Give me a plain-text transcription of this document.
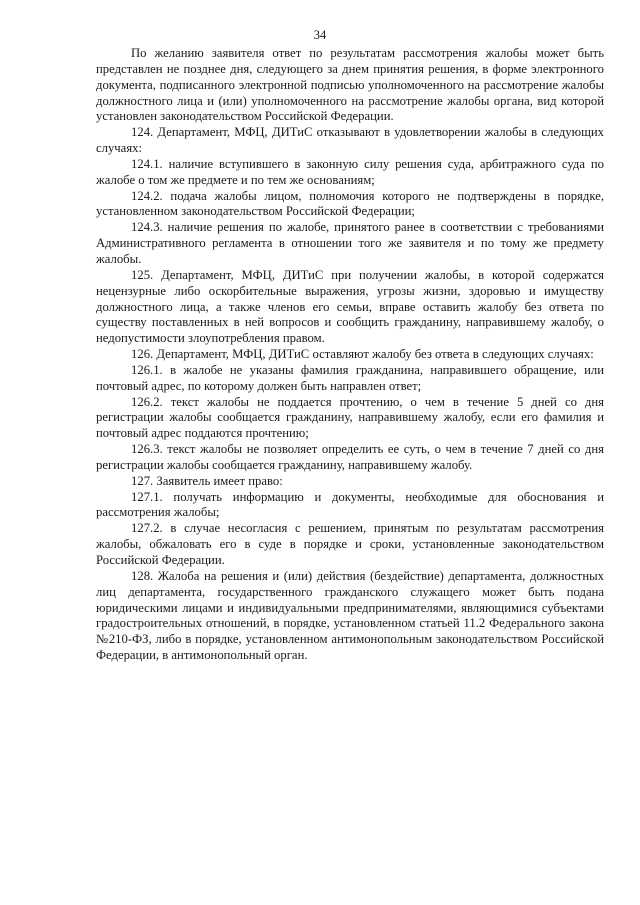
34

По желанию заявителя ответ по результатам рассмотрения жалобы может быть представлен не позднее дня, следующего за днем принятия решения, в форме электронного документа, подписанного электронной подписью уполномоченного на рассмотрение жалобы должностного лица и (или) уполномоченного на рассмотрение жалобы органа, вид которой установлен законодательством Российской Федерации.

124. Департамент, МФЦ, ДИТиС отказывают в удовлетворении жалобы в следующих случаях:

124.1. наличие вступившего в законную силу решения суда, арбитражного суда по жалобе о том же предмете и по тем же основаниям;

124.2. подача жалобы лицом, полномочия которого не подтверждены в порядке, установленном законодательством Российской Федерации;

124.3. наличие решения по жалобе, принятого ранее в соответствии с требованиями Административного регламента в отношении того же заявителя и по тому же предмету жалобы.

125. Департамент, МФЦ, ДИТиС при получении жалобы, в которой содержатся нецензурные либо оскорбительные выражения, угрозы жизни, здоровью и имуществу должностного лица, а также членов его семьи, вправе оставить жалобу без ответа по существу поставленных в ней вопросов и сообщить гражданину, направившему жалобу, о недопустимости злоупотребления правом.

126. Департамент, МФЦ, ДИТиС оставляют жалобу без ответа в следующих случаях:

126.1. в жалобе не указаны фамилия гражданина, направившего обращение, или почтовый адрес, по которому должен быть направлен ответ;

126.2. текст жалобы не поддается прочтению, о чем в течение 5 дней со дня регистрации жалобы сообщается гражданину, направившему жалобу, если его фамилия и почтовый адрес поддаются прочтению;

126.3. текст жалобы не позволяет определить ее суть, о чем в течение 7 дней со дня регистрации жалобы сообщается гражданину, направившему жалобу.

127. Заявитель имеет право:

127.1. получать информацию и документы, необходимые для обоснования и рассмотрения жалобы;

127.2. в случае несогласия с решением, принятым по результатам рассмотрения жалобы, обжаловать его в суде в порядке и сроки, установленные законодательством Российской Федерации.

128. Жалоба на решения и (или) действия (бездействие) департамента, должностных лиц департамента, государственного гражданского служащего может быть подана юридическими лицами и индивидуальными предпринимателями, являющимися субъектами градостроительных отношений, в порядке, установленном статьей 11.2 Федерального закона №210-ФЗ, либо в порядке, установленном антимонопольным законодательством Российской Федерации, в антимонопольный орган.
